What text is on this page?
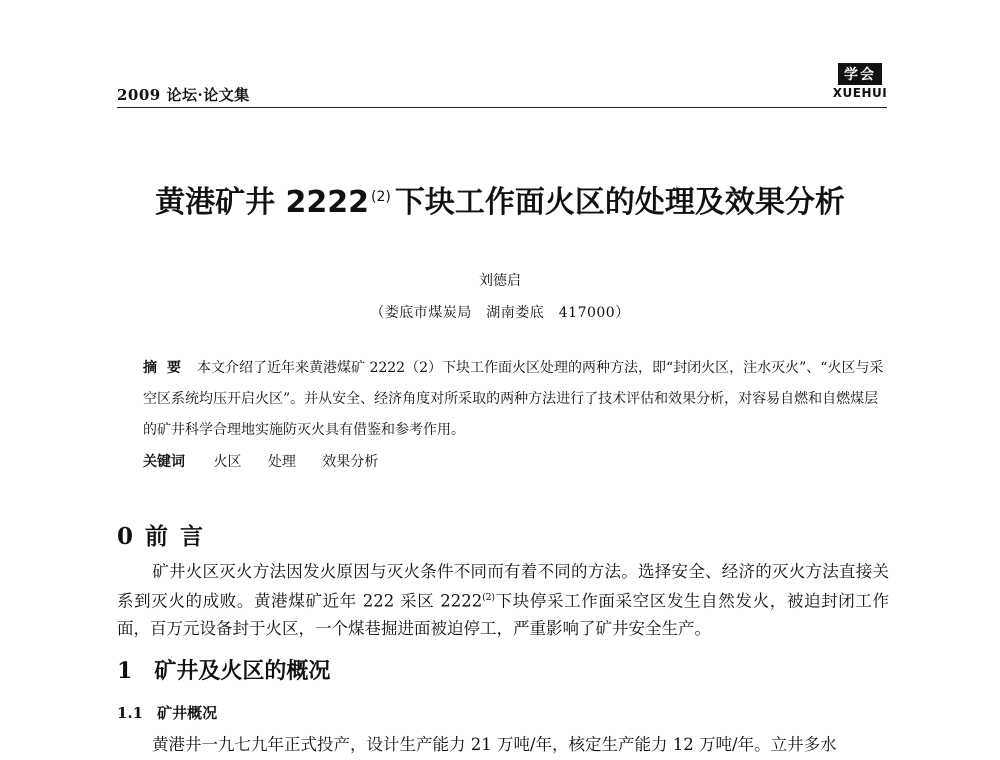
2009 论坛·论文集
学会
XUEHUI
黄港矿井 2222 $^{(2)}$ 下块工作面火区的处理及效果分析
刘德启
（娄底市煤炭局　湖南娄底　417000）
摘要 本文介绍了近年来黄港煤矿 2222（2）下块工作面火区处理的两种方法，即“封闭火区，注水灭火”、“火区与采空区系统均压开启火区”。并从安全、经济角度对所采取的两种方法进行了技术评估和效果分析，对容易自燃和自燃煤层的矿井科学合理地实施防灭火具有借鉴和参考作用。
关键词 火区 处理 效果分析
0 前 言
矿井火区灭火方法因发火原因与灭火条件不同而有着不同的方法。选择安全、经济的灭火方法直接关系到灭火的成败。黄港煤矿近年 222 采区 2222$^{(2)}$下块停采工作面采空区发生自然发火，被迫封闭工作面，百万元设备封于火区，一个煤巷掘进面被迫停工，严重影响了矿井安全生产。
1 矿井及火区的概况
1.1 矿井概况
黄港井一九七九年正式投产，设计生产能力 21 万吨/年，核定生产能力 12 万吨/年。立井多水
